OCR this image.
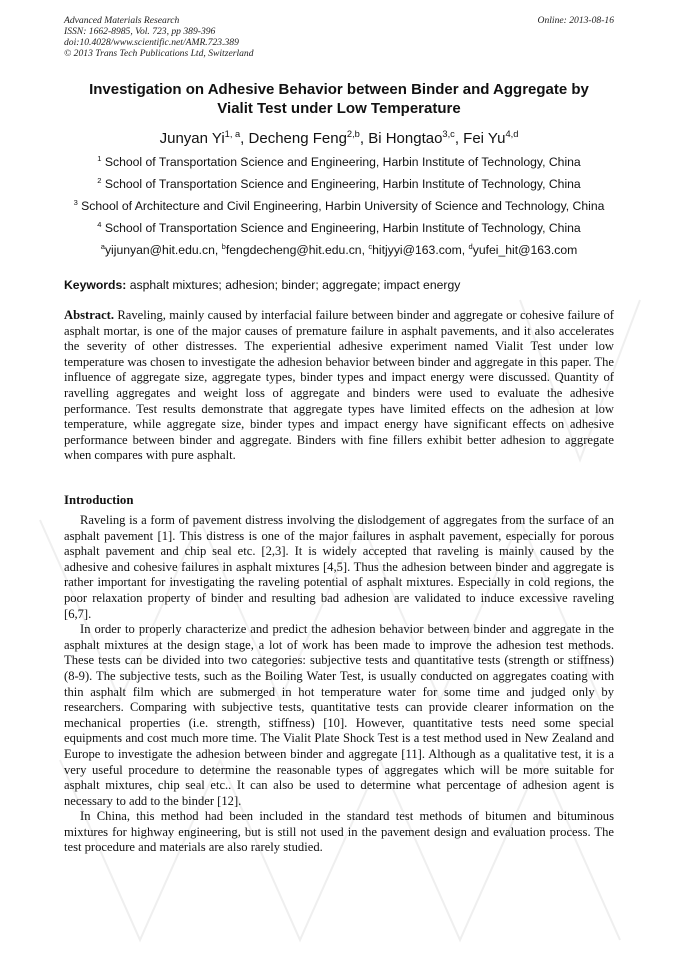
Advanced Materials Research
ISSN: 1662-8985, Vol. 723, pp 389-396
doi:10.4028/www.scientific.net/AMR.723.389
© 2013 Trans Tech Publications Ltd, Switzerland
Online: 2013-08-16
Investigation on Adhesive Behavior between Binder and Aggregate by
Vialit Test under Low Temperature
Junyan Yi$^{1, a}$, Decheng Feng$^{2,b}$, Bi Hongtao$^{3,c}$, Fei Yu$^{4,d}$
$^1$ School of Transportation Science and Engineering, Harbin Institute of Technology, China
$^2$ School of Transportation Science and Engineering, Harbin Institute of Technology, China
$^3$ School of Architecture and Civil Engineering, Harbin University of Science and Technology, China
$^4$ School of Transportation Science and Engineering, Harbin Institute of Technology, China
$^a$yijunyan@hit.edu.cn, $^b$fengdecheng@hit.edu.cn, $^c$hitjyyi@163.com, $^d$yufei_hit@163.com
Keywords: asphalt mixtures; adhesion; binder; aggregate; impact energy
Abstract. Raveling, mainly caused by interfacial failure between binder and aggregate or cohesive failure of asphalt mortar, is one of the major causes of premature failure in asphalt pavements, and it also accelerates the severity of other distresses. The experiential adhesive experiment named Vialit Test under low temperature was chosen to investigate the adhesion behavior between binder and aggregate in this paper. The influence of aggregate size, aggregate types, binder types and impact energy were discussed. Quantity of ravelling aggregates and weight loss of aggregate and binders were used to evaluate the adhesive performance. Test results demonstrate that aggregate types have limited effects on the adhesion at low temperature, while aggregate size, binder types and impact energy have significant effects on adhesive performance between binder and aggregate. Binders with fine fillers exhibit better adhesion to aggregate when compares with pure asphalt.
Introduction

Raveling is a form of pavement distress involving the dislodgement of aggregates from the surface of an asphalt pavement [1]. This distress is one of the major failures in asphalt pavement, especially for porous asphalt pavement and chip seal etc. [2,3]. It is widely accepted that raveling is mainly caused by the adhesive and cohesive failures in asphalt mixtures [4,5]. Thus the adhesion between binder and aggregate is rather important for investigating the raveling potential of asphalt mixtures. Especially in cold regions, the poor relaxation property of binder and resulting bad adhesion are validated to induce excessive raveling [6,7].

In order to properly characterize and predict the adhesion behavior between binder and aggregate in the asphalt mixtures at the design stage, a lot of work has been made to improve the adhesion test methods. These tests can be divided into two categories: subjective tests and quantitative tests (strength or stiffness) (8-9). The subjective tests, such as the Boiling Water Test, is usually conducted on aggregates coating with thin asphalt film which are submerged in hot temperature water for some time and judged only by researchers. Comparing with subjective tests, quantitative tests can provide clearer information on the mechanical properties (i.e. strength, stiffness) [10]. However, quantitative tests need some special equipments and cost much more time. The Vialit Plate Shock Test is a test method used in New Zealand and Europe to investigate the adhesion between binder and aggregate [11]. Although as a qualitative test, it is a very useful procedure to determine the reasonable types of aggregates which will be more suitable for asphalt mixtures, chip seal etc.. It can also be used to determine what percentage of adhesion agent is necessary to add to the binder [12].

In China, this method had been included in the standard test methods of bitumen and bituminous mixtures for highway engineering, but is still not used in the pavement design and evaluation process. The test procedure and materials are also rarely studied.
